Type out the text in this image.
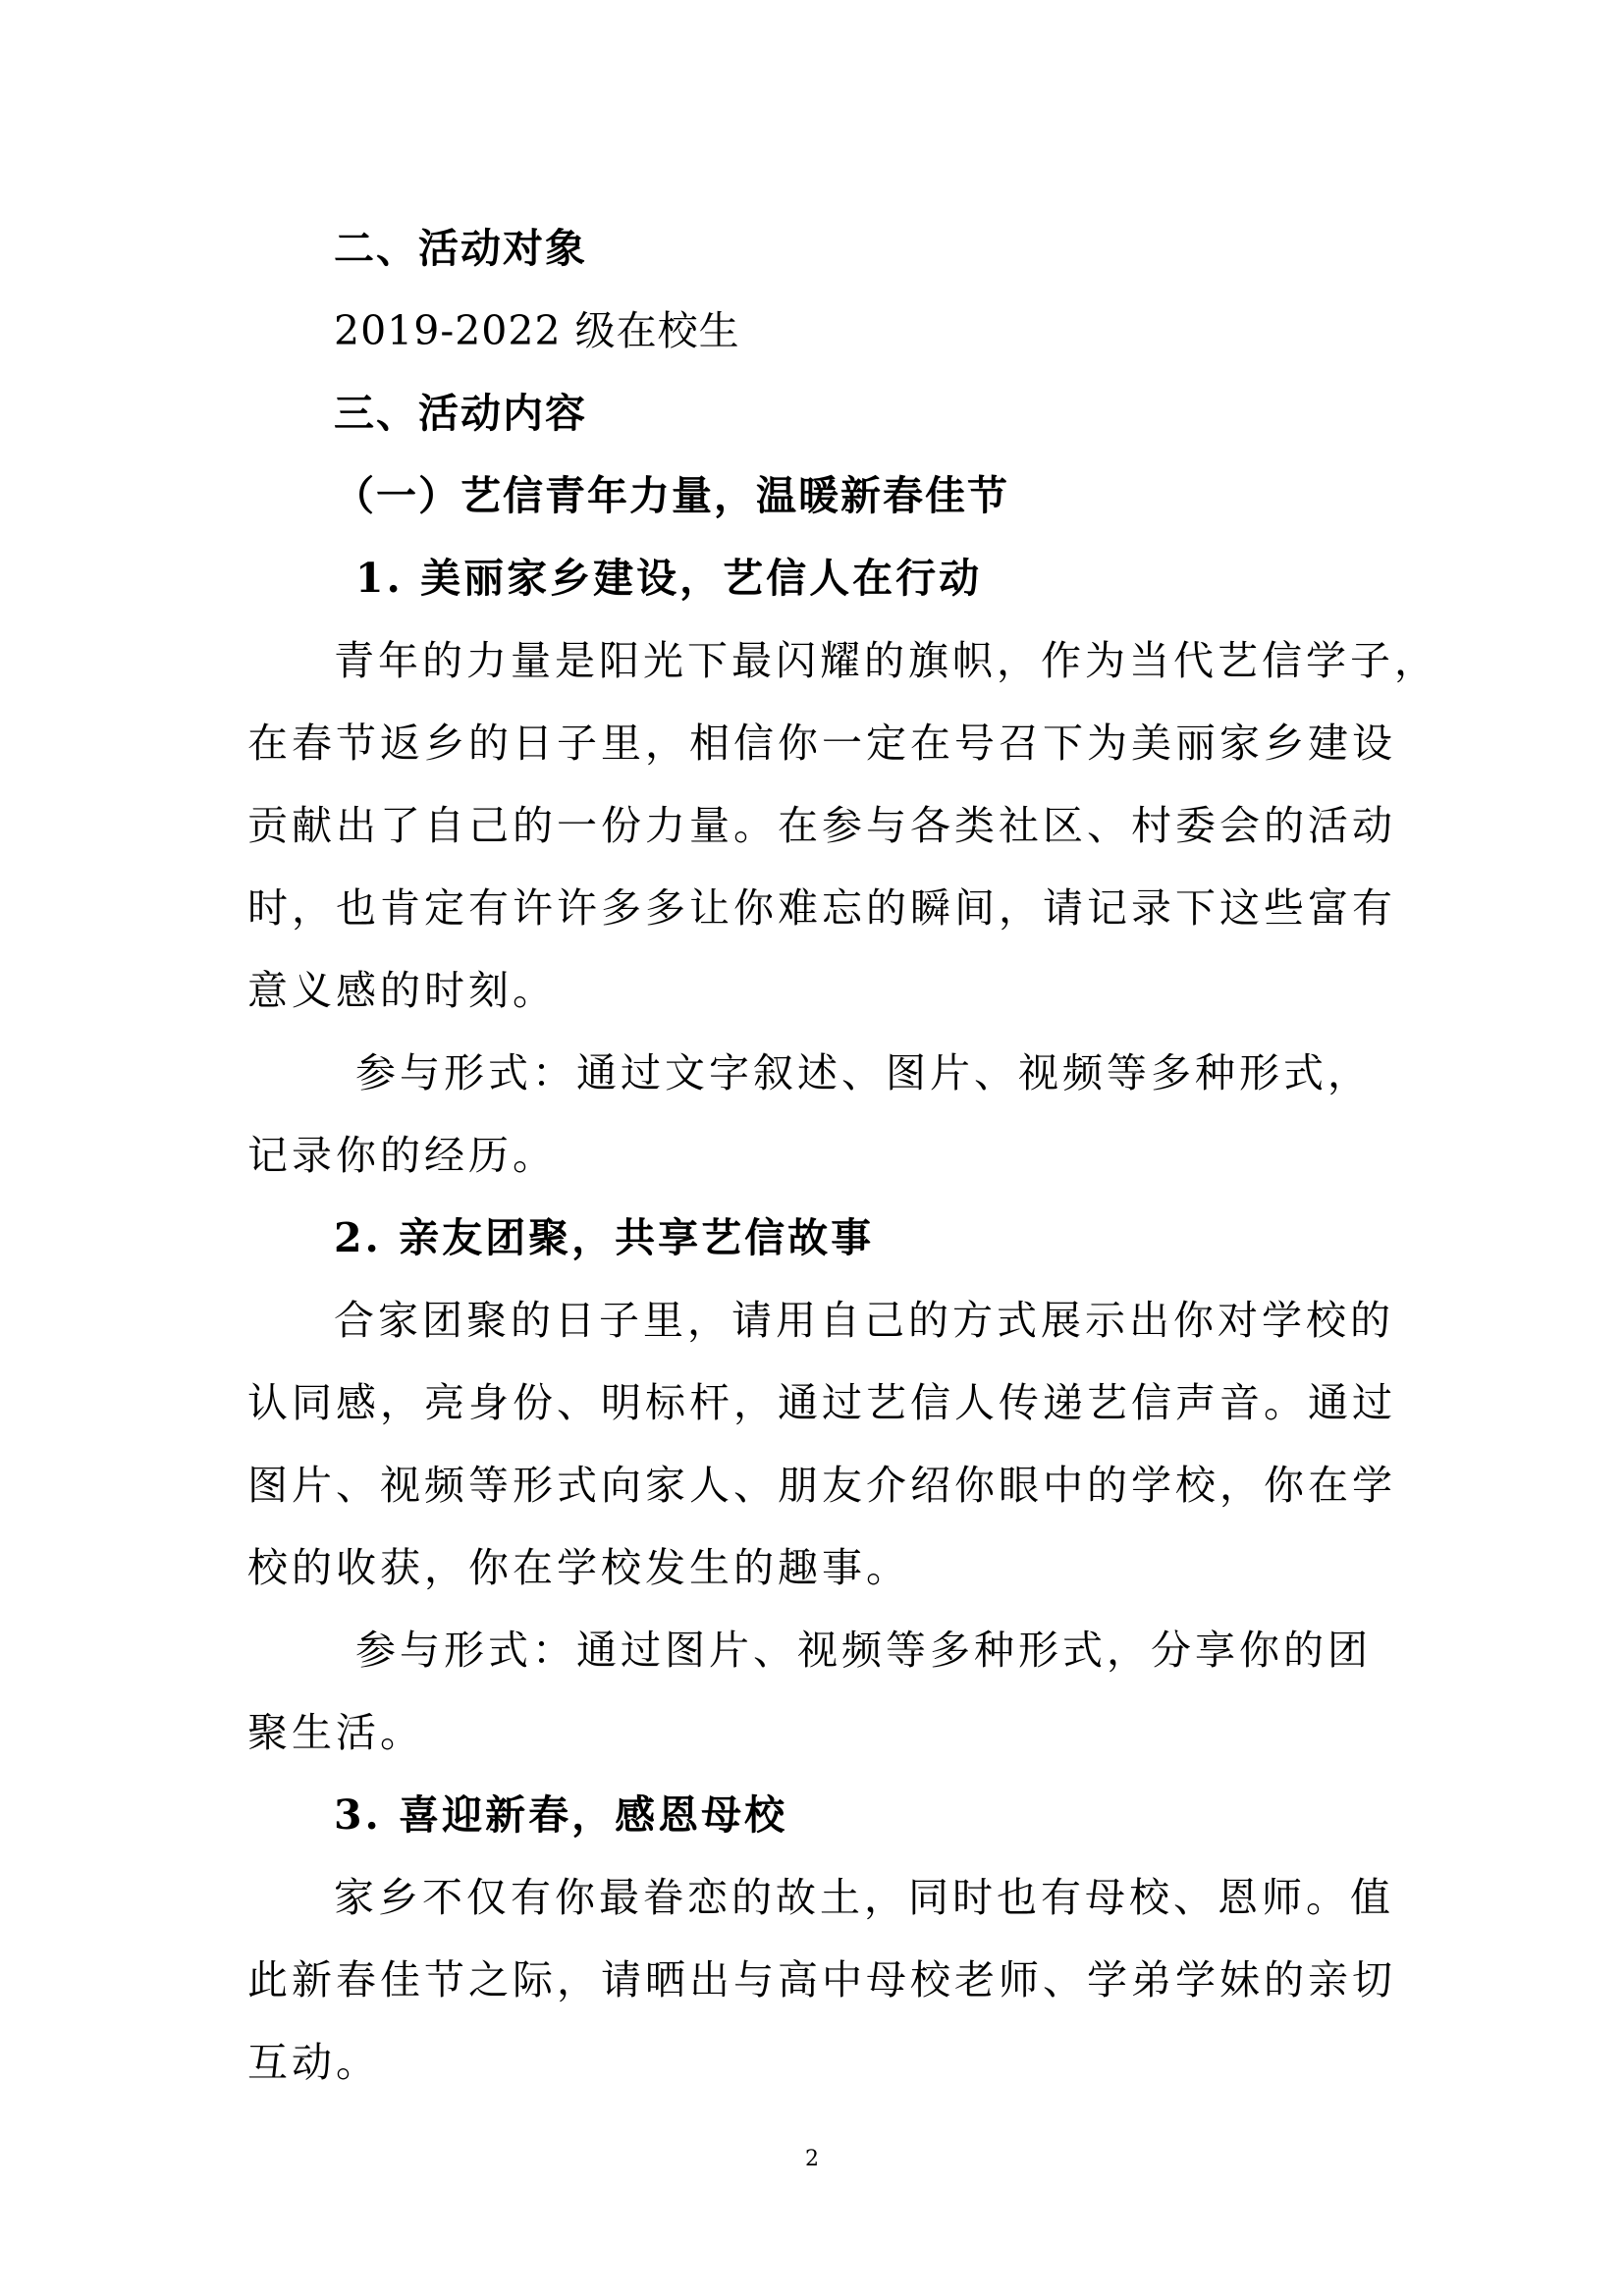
二、活动对象
2019-2022 级在校生
三、活动内容
（一）艺信青年力量，温暖新春佳节
1. 美丽家乡建设，艺信人在行动
青年的力量是阳光下最闪耀的旗帜，作为当代艺信学子，
在春节返乡的日子里，相信你一定在号召下为美丽家乡建设
贡献出了自己的一份力量。在参与各类社区、村委会的活动
时，也肯定有许许多多让你难忘的瞬间，请记录下这些富有
意义感的时刻。
参与形式：通过文字叙述、图片、视频等多种形式，
记录你的经历。
2. 亲友团聚，共享艺信故事
合家团聚的日子里，请用自己的方式展示出你对学校的
认同感，亮身份、明标杆，通过艺信人传递艺信声音。通过
图片、视频等形式向家人、朋友介绍你眼中的学校，你在学
校的收获，你在学校发生的趣事。
参与形式：通过图片、视频等多种形式，分享你的团
聚生活。
3. 喜迎新春，感恩母校
家乡不仅有你最眷恋的故土，同时也有母校、恩师。值
此新春佳节之际，请晒出与高中母校老师、学弟学妹的亲切
互动。
2
